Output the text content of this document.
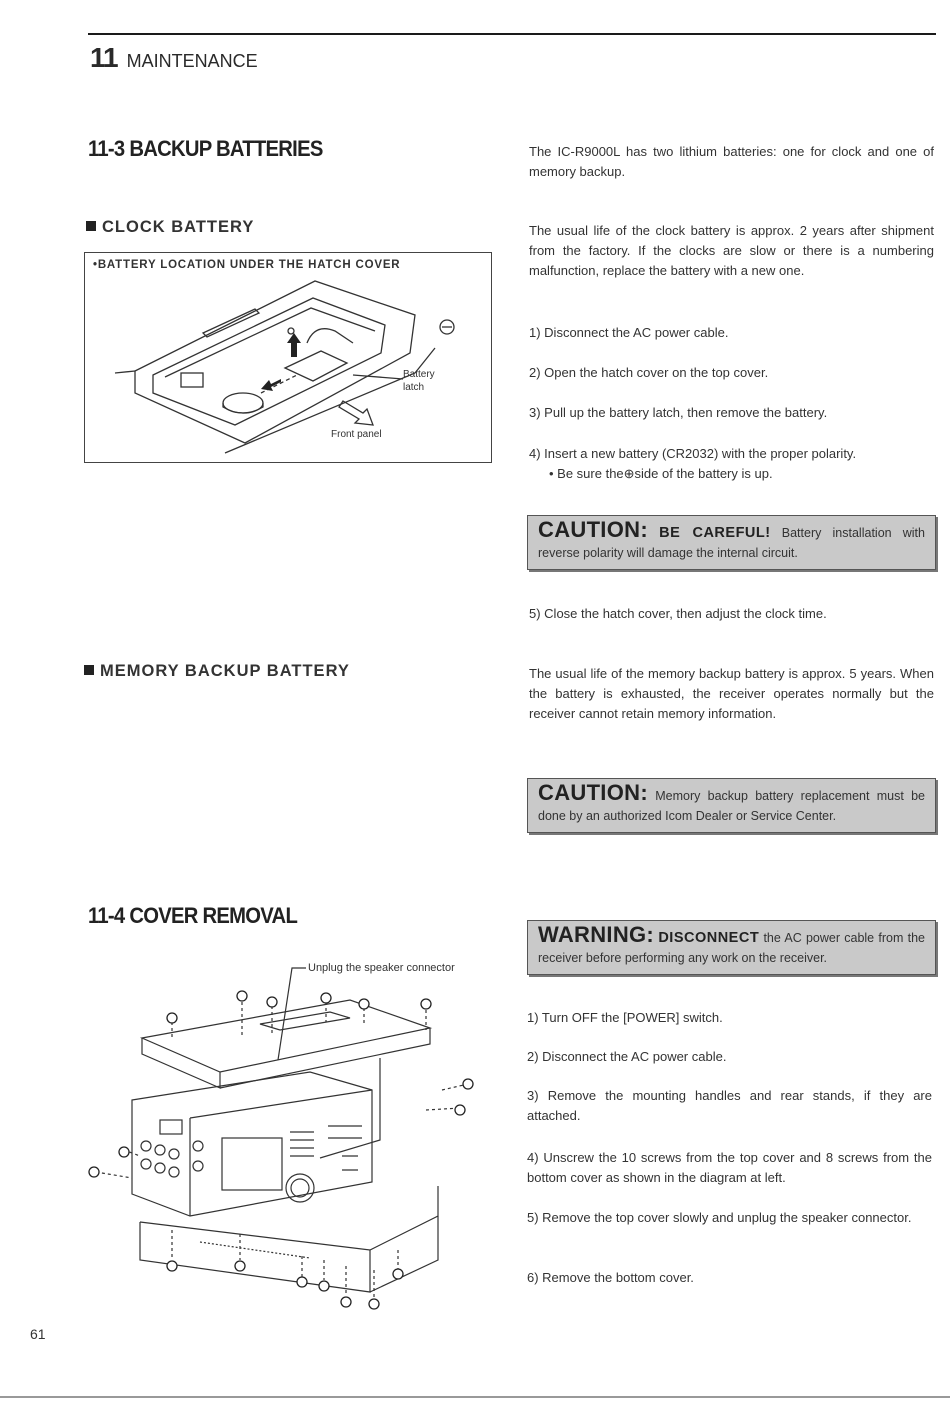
11 MAINTENANCE
11-3 BACKUP BATTERIES	The IC-R9000L has two lithium batteries: one for clock and one of memory backup.
CLOCK BATTERY
•BATTERY LOCATION UNDER THE HATCH COVER
Battery
latch
Front panel
The usual life of the clock battery is approx. 2 years after shipment from the factory. If the clocks are slow or there is a numbering malfunction, replace the battery with a new one.
1) Disconnect the AC power cable.
2) Open the hatch cover on the top cover.
3) Pull up the battery latch, then remove the battery.
4) Insert a new battery (CR2032) with the proper polarity.
• Be sure the⊕side of the battery is up.
CAUTION: BE CAREFUL! Battery installation with reverse polarity will damage the internal circuit.
5) Close the hatch cover, then adjust the clock time.
MEMORY BACKUP BATTERY	The usual life of the memory backup battery is approx. 5 years. When the battery is exhausted, the receiver operates normally but the receiver cannot retain memory information.
CAUTION: Memory backup battery replacement must be done by an authorized Icom Dealer or Service Center.
11-4 COVER REMOVAL
Unplug the speaker connector
WARNING: DISCONNECT the AC power cable from the receiver before performing any work on the receiver.
1) Turn OFF the [POWER] switch.
2) Disconnect the AC power cable.
3) Remove the mounting handles and rear stands, if they are attached.
4) Unscrew the 10 screws from the top cover and 8 screws from the bottom cover as shown in the diagram at left.
5) Remove the top cover slowly and unplug the speaker connector.
6) Remove the bottom cover.
61
